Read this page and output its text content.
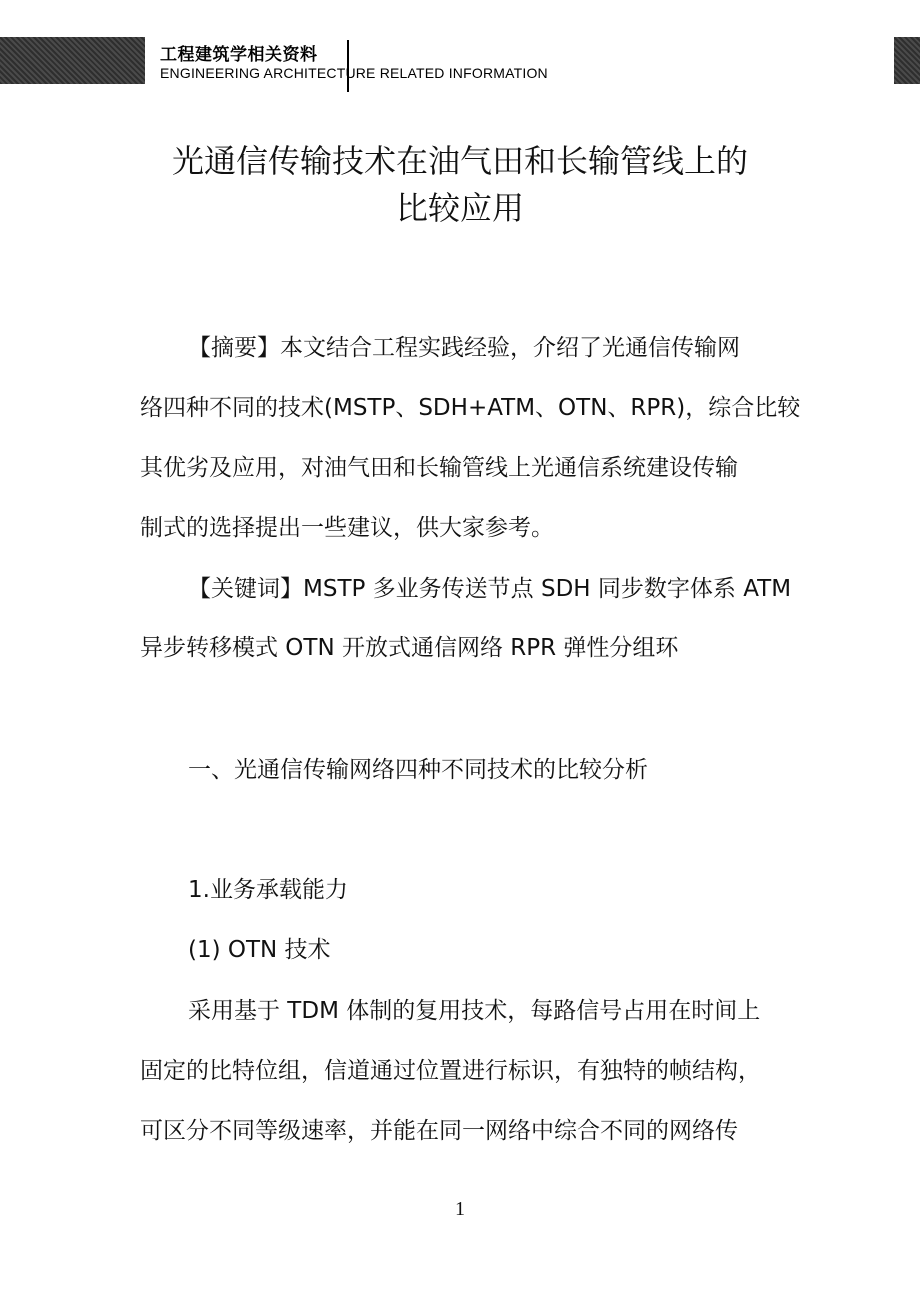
工程建筑学相关资料
ENGINEERING ARCHITECTURE RELATED INFORMATION
光通信传输技术在油气田和长输管线上的
比较应用
【摘要】本文结合工程实践经验，介绍了光通信传输网
络四种不同的技术(MSTP、SDH+ATM、OTN、RPR)，综合比较
其优劣及应用，对油气田和长输管线上光通信系统建设传输
制式的选择提出一些建议，供大家参考。
【关键词】MSTP 多业务传送节点 SDH 同步数字体系 ATM
异步转移模式 OTN 开放式通信网络 RPR 弹性分组环
一、光通信传输网络四种不同技术的比较分析
1.业务承载能力
(1) OTN 技术
采用基于 TDM 体制的复用技术，每路信号占用在时间上
固定的比特位组，信道通过位置进行标识，有独特的帧结构，
可区分不同等级速率，并能在同一网络中综合不同的网络传
1
